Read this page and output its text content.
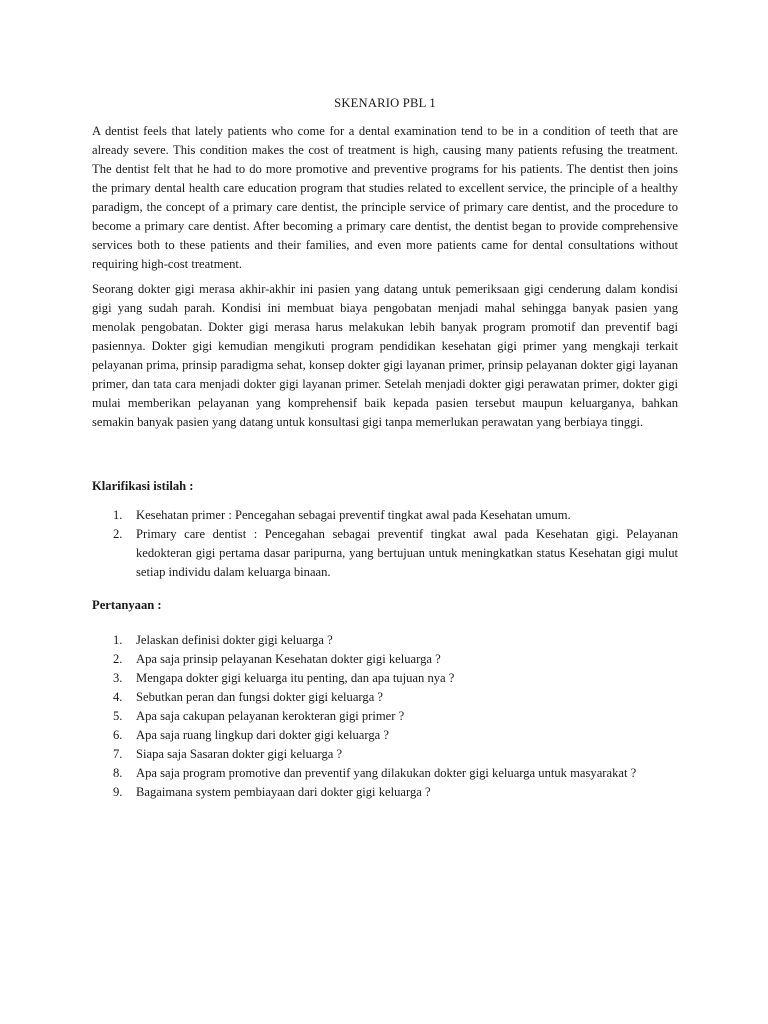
SKENARIO PBL 1

A dentist feels that lately patients who come for a dental examination tend to be in a condition of teeth that are already severe. This condition makes the cost of treatment is high, causing many patients refusing the treatment. The dentist felt that he had to do more promotive and preventive programs for his patients. The dentist then joins the primary dental health care education program that studies related to excellent service, the principle of a healthy paradigm, the concept of a primary care dentist, the principle service of primary care dentist, and the procedure to become a primary care dentist. After becoming a primary care dentist, the dentist began to provide comprehensive services both to these patients and their families, and even more patients came for dental consultations without requiring high-cost treatment.

Seorang dokter gigi merasa akhir-akhir ini pasien yang datang untuk pemeriksaan gigi cenderung dalam kondisi gigi yang sudah parah. Kondisi ini membuat biaya pengobatan menjadi mahal sehingga banyak pasien yang menolak pengobatan. Dokter gigi merasa harus melakukan lebih banyak program promotif dan preventif bagi pasiennya. Dokter gigi kemudian mengikuti program pendidikan kesehatan gigi primer yang mengkaji terkait pelayanan prima, prinsip paradigma sehat, konsep dokter gigi layanan primer, prinsip pelayanan dokter gigi layanan primer, dan tata cara menjadi dokter gigi layanan primer. Setelah menjadi dokter gigi perawatan primer, dokter gigi mulai memberikan pelayanan yang komprehensif baik kepada pasien tersebut maupun keluarganya, bahkan semakin banyak pasien yang datang untuk konsultasi gigi tanpa memerlukan perawatan yang berbiaya tinggi.

Klarifikasi istilah :

1. Kesehatan primer : Pencegahan sebagai preventif tingkat awal pada Kesehatan umum.
2. Primary care dentist : Pencegahan sebagai preventif tingkat awal pada Kesehatan gigi. Pelayanan kedokteran gigi pertama dasar paripurna, yang bertujuan untuk meningkatkan status Kesehatan gigi mulut setiap individu dalam keluarga binaan.

Pertanyaan :

1. Jelaskan definisi dokter gigi keluarga ?
2. Apa saja prinsip pelayanan Kesehatan dokter gigi keluarga ?
3. Mengapa dokter gigi keluarga itu penting, dan apa tujuan nya ?
4. Sebutkan peran dan fungsi dokter gigi keluarga ?
5. Apa saja cakupan pelayanan kerokteran gigi primer ?
6. Apa saja ruang lingkup dari dokter gigi keluarga ?
7. Siapa saja Sasaran dokter gigi keluarga ?
8. Apa saja program promotive dan preventif yang dilakukan dokter gigi keluarga untuk masyarakat ?
9. Bagaimana system pembiayaan dari dokter gigi keluarga ?
